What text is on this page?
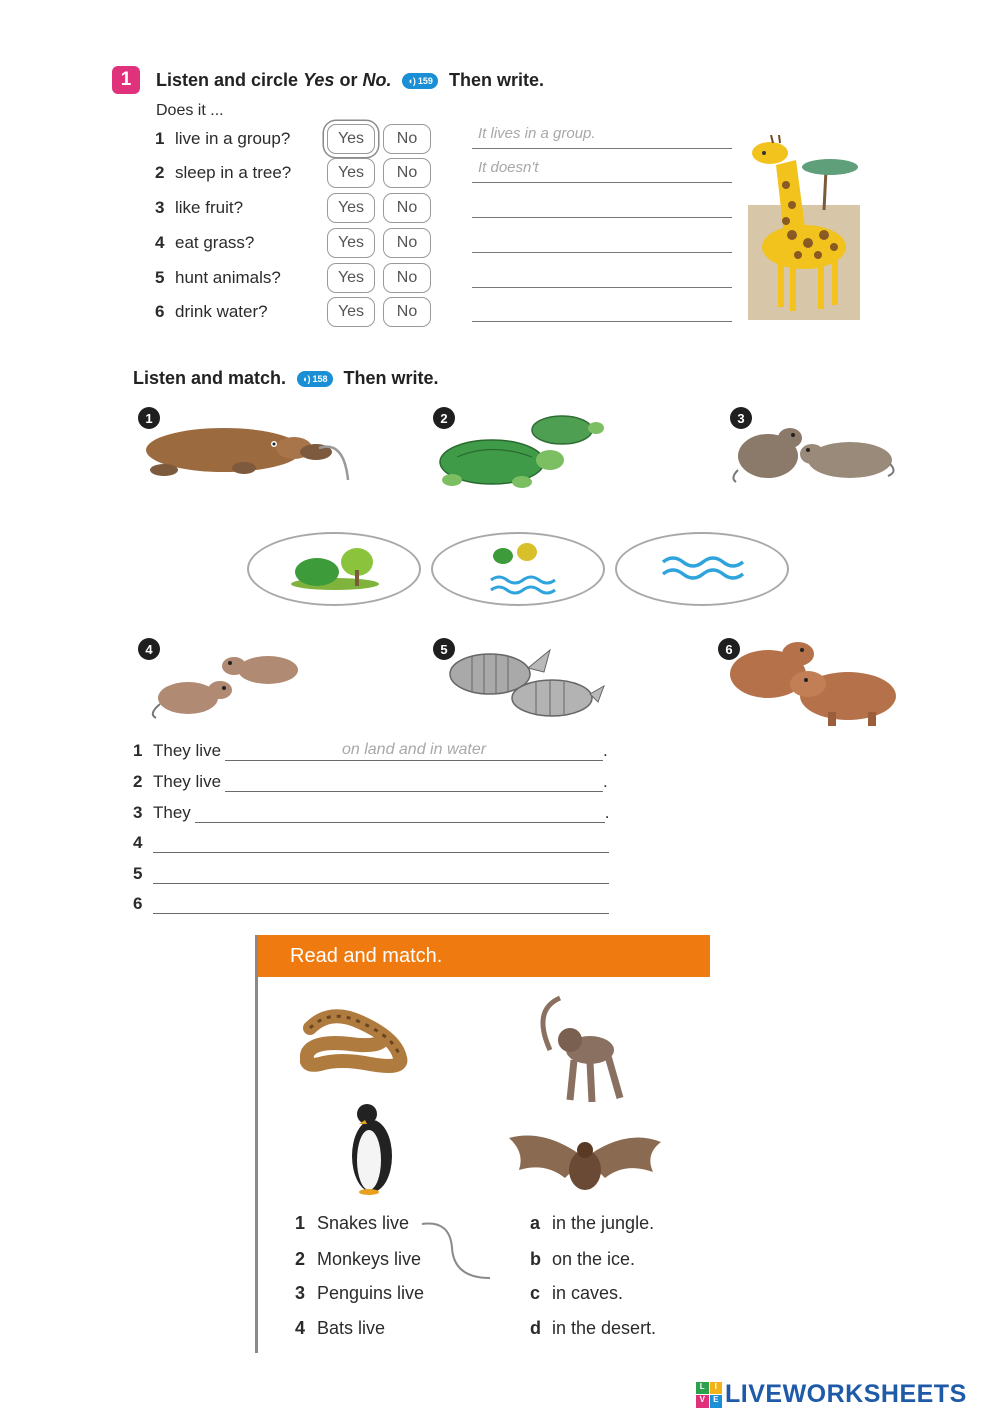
1	Listen and circle Yes or No. ◖) 159 Then write.
Does it ...
1 live in a group?	Yes No	It lives in a group.
2 sleep in a tree?	Yes No	It doesn't
3 like fruit?	Yes No
4 eat grass?	Yes No
5 hunt animals?	Yes No
6 drink water?	Yes No
Listen and match. ◖) 158 Then write.
1	2	3
4	5	6
1 They live	on land and in water	.
2 They live	.
3 They	.
4
5
6
Read and match.
1 Snakes live
2 Monkeys live
3 Penguins live
4 Bats live
a in the jungle.
b on the ice.
c in caves.
d in the desert.
L	I
V	E LIVEWORKSHEETS
